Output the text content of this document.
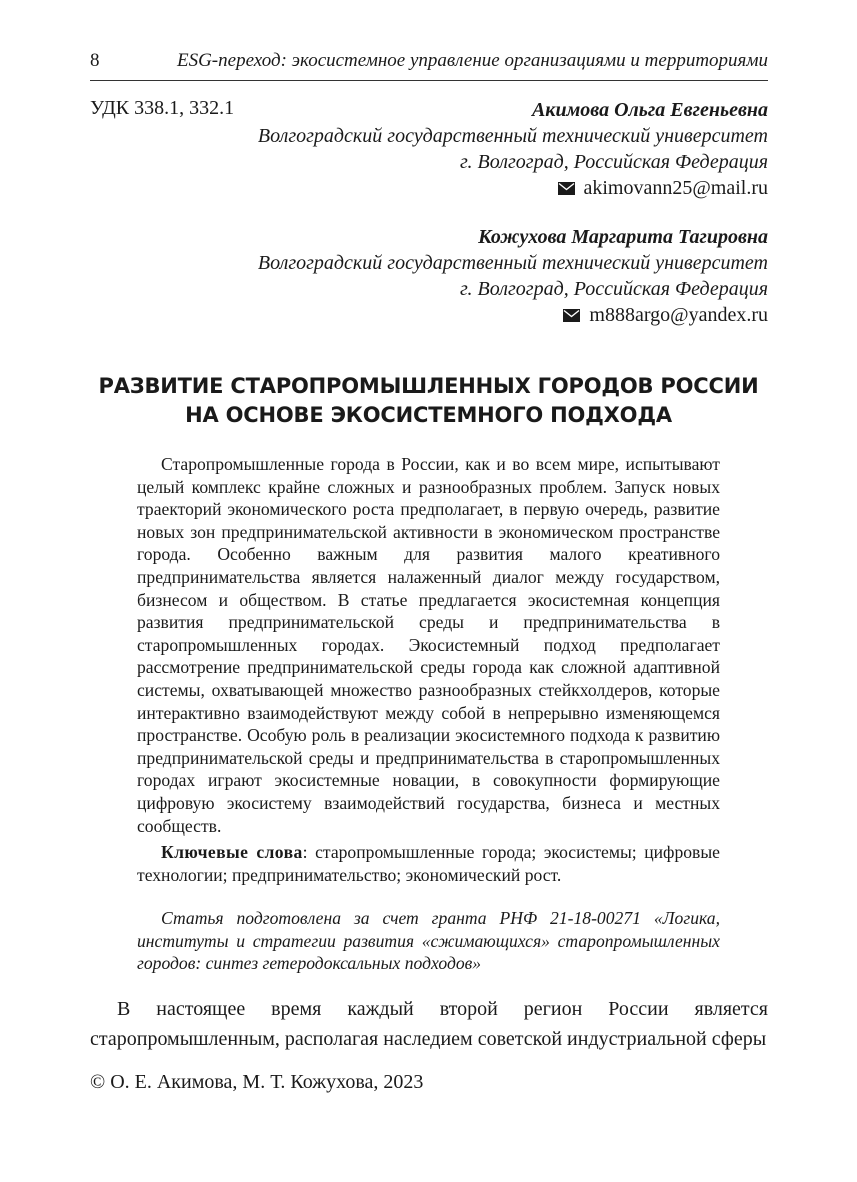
8	ESG-переход: экосистемное управление организациями и территориями
УДК 338.1, 332.1	Акимова Ольга Евгеньевна
Волгоградский государственный технический университет
г. Волгоград, Российская Федерация
akimovann25@mail.ru
Кожухова Маргарита Тагировна
Волгоградский государственный технический университет
г. Волгоград, Российская Федерация
m888argo@yandex.ru
РАЗВИТИЕ СТАРОПРОМЫШЛЕННЫХ ГОРОДОВ РОССИИ
НА ОСНОВЕ ЭКОСИСТЕМНОГО ПОДХОДА

Старопромышленные города в России, как и во всем мире, испытывают целый комплекс крайне сложных и разнообразных проблем. Запуск новых траекторий экономического роста предполагает, в первую очередь, развитие новых зон предпринимательской активности в экономическом пространстве города. Особенно важным для развития малого креативного предпринимательства является налаженный диалог между государством, бизнесом и обществом. В статье предлагается экосистемная концепция развития предпринимательской среды и предпринимательства в старопромышленных городах. Экосистемный подход предполагает рассмотрение предпринимательской среды города как сложной адаптивной системы, охватывающей множество разнообразных стейкхолдеров, которые интерактивно взаимодействуют между собой в непрерывно изменяющемся пространстве. Особую роль в реализации экосистемного подхода к развитию предпринимательской среды и предпринимательства в старопромышленных городах играют экосистемные новации, в совокупности формирующие цифровую экосистему взаимодействий государства, бизнеса и местных сообществ.

Ключевые слова: старопромышленные города; экосистемы; цифровые технологии; предпринимательство; экономический рост.

Статья подготовлена за счет гранта РНФ 21-18-00271 «Логика, институты и стратегии развития «сжимающихся» старопромышленных городов: синтез гетеродоксальных подходов»

В настоящее время каждый второй регион России является старопромышленным, располагая наследием советской индустриальной сферы

© О. Е. Акимова, М. Т. Кожухова, 2023
